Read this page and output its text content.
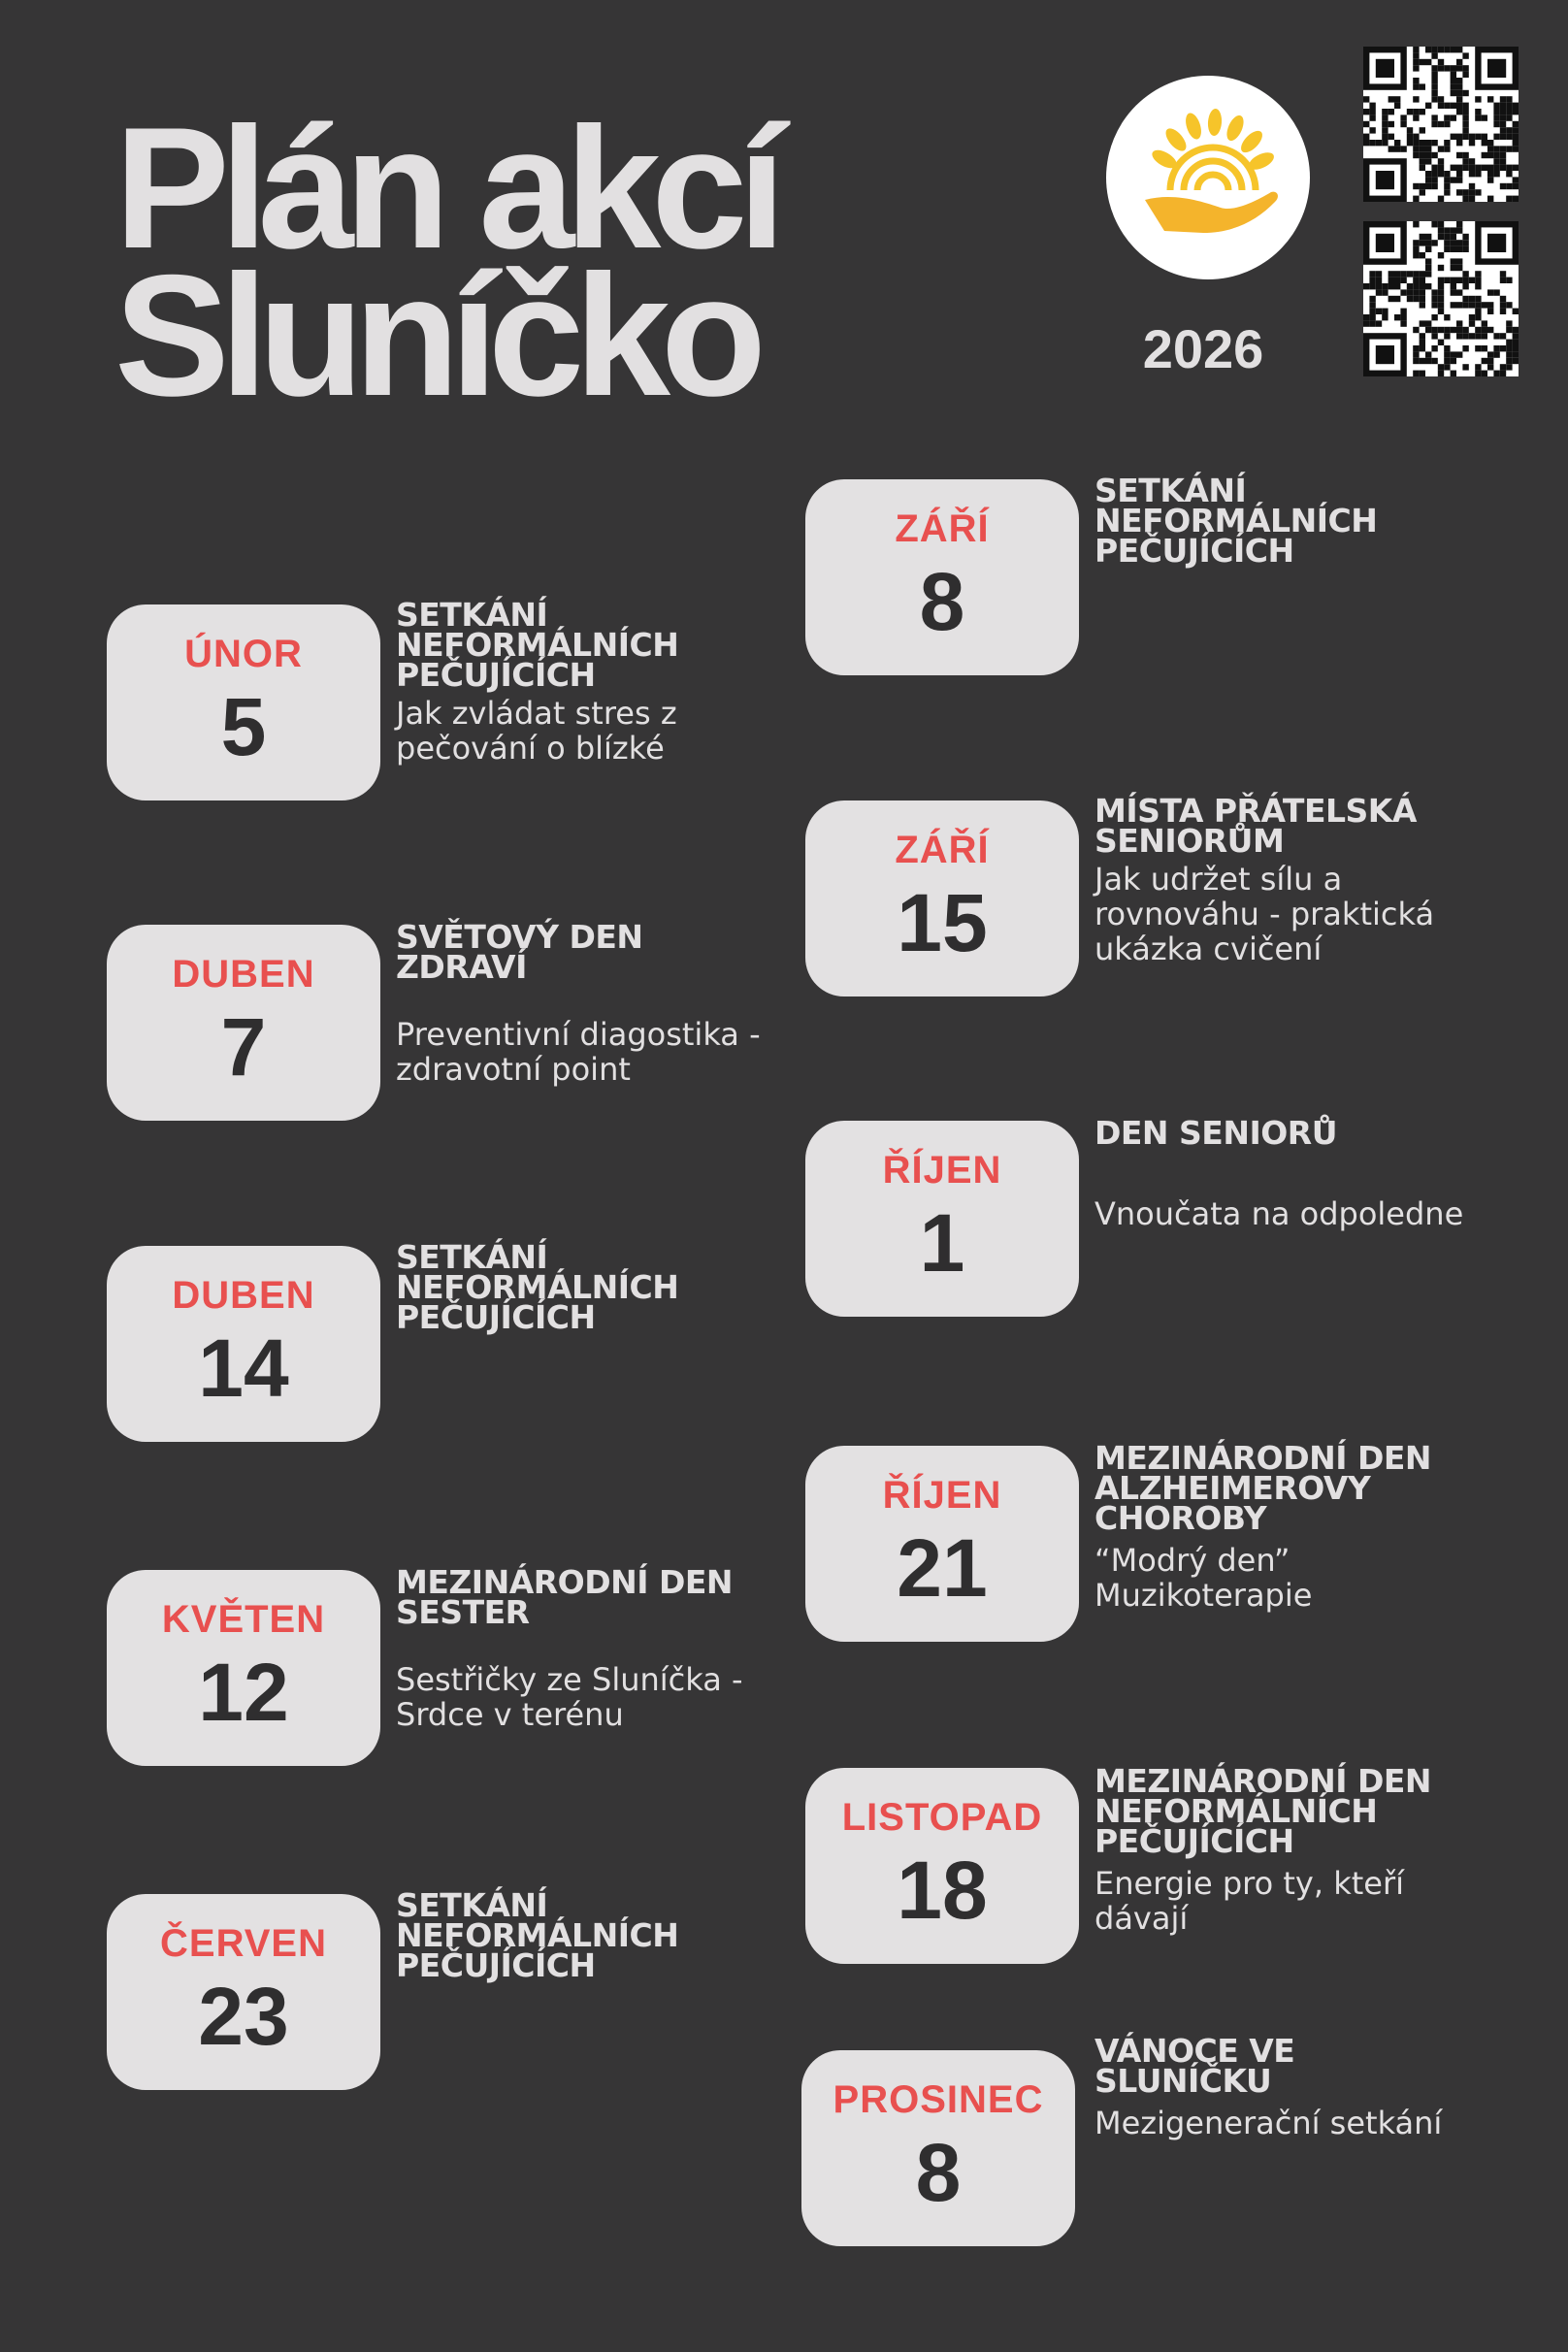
Plán akcí
Sluníčko	2026
ÚNOR
5
SETKÁNÍ NEFORMÁLNÍCH PEČUJÍCÍCH
Jak zvládat stres z pečování o blízké
DUBEN
7
SVĚTOVÝ DEN ZDRAVÍ
Preventivní diagostika - zdravotní point
DUBEN
14
SETKÁNÍ NEFORMÁLNÍCH PEČUJÍCÍCH
KVĚTEN
12
MEZINÁRODNÍ DEN SESTER
Sestřičky ze Sluníčka - Srdce v terénu
ČERVEN
23
SETKÁNÍ NEFORMÁLNÍCH PEČUJÍCÍCH
ZÁŘÍ
8
SETKÁNÍ NEFORMÁLNÍCH PEČUJÍCÍCH
ZÁŘÍ
15
MÍSTA PŘÁTELSKÁ SENIORŮM
Jak udržet sílu a rovnováhu - praktická ukázka cvičení
ŘÍJEN
1
DEN SENIORŮ
Vnoučata na odpoledne
ŘÍJEN
21
MEZINÁRODNÍ DEN ALZHEIMEROVY CHOROBY
“Modrý den” Muzikoterapie
LISTOPAD
18
MEZINÁRODNÍ DEN NEFORMÁLNÍCH PEČUJÍCÍCH
Energie pro ty, kteří dávají
PROSINEC
8
VÁNOCE VE SLUNÍČKU
Mezigenerační setkání
